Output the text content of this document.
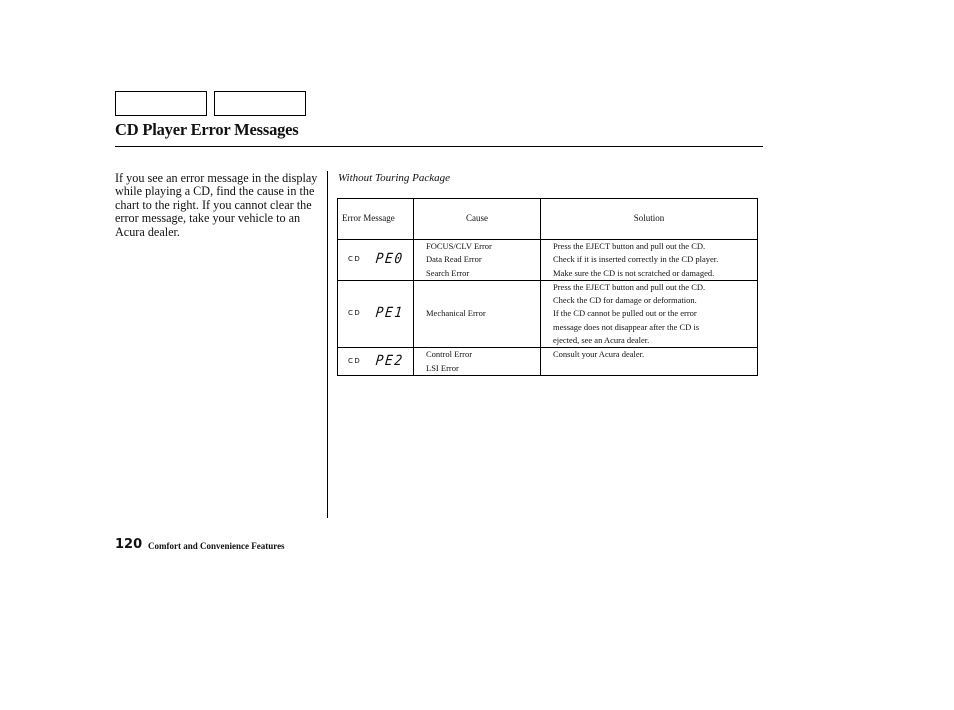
CD Player Error Messages

If you see an error message in the display while playing a CD, find the cause in the chart to the right. If you cannot clear the error message, take your vehicle to an Acura dealer.

Without Touring Package
Error Message	Cause	Solution

CD PE0	FOCUS/CLV Error
Data Read Error
Search Error	Press the EJECT button and pull out the CD.
Check if it is inserted correctly in the CD player.
Make sure the CD is not scratched or damaged.

CD PE1	Mechanical Error	Press the EJECT button and pull out the CD.
Check the CD for damage or deformation.
If the CD cannot be pulled out or the error
message does not disappear after the CD is
ejected, see an Acura dealer.

CD PE2	Control Error
LSI Error	Consult your Acura dealer.
120 Comfort and Convenience Features
